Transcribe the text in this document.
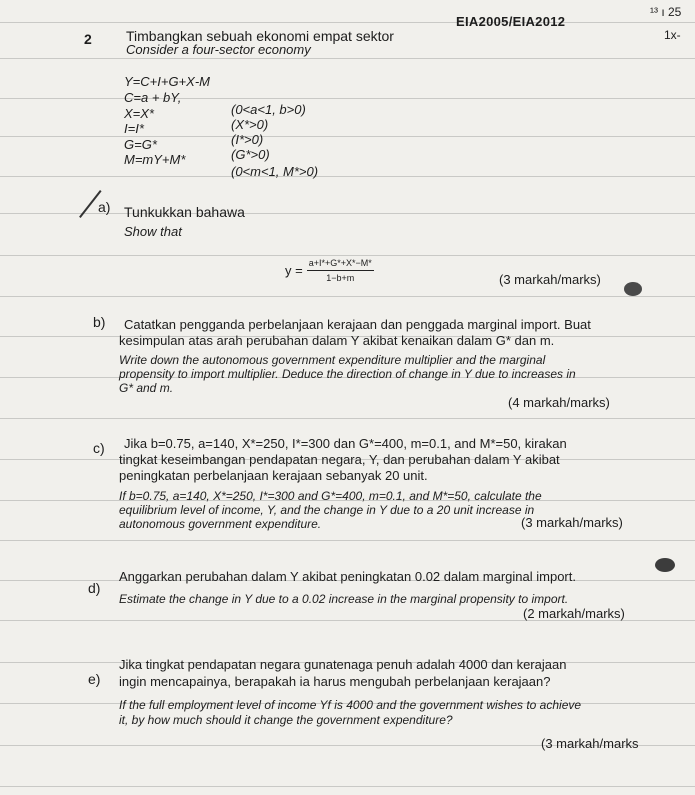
EIA2005/EIA2012
¹³ ı 25
1x-
2 Timbangkan sebuah ekonomi empat sektor
Consider a four-sector economy
Y=C+I+G+X-M
C=a + bY,
(0<a<1, b>0)
X=X*
(X*>0)
I=I*
(I*>0)
G=G*
(G*>0)
M=mY+M*
(0<m<1, M*>0)
a) Tunkukkan bahawa
Show that
$y = \frac{a+I*+G*+X*-M*}{1-b+m}$	(3 markah/marks)
b) Catatkan pengganda perbelanjaan kerajaan dan penggada marginal import. Buat
kesimpulan atas arah perubahan dalam Y akibat kenaikan dalam G* dan m.
Write down the autonomous government expenditure multiplier and the marginal
propensity to import multiplier. Deduce the direction of change in Y due to increases in
G* and m.
(4 markah/marks)
c) Jika b=0.75, a=140, X*=250, I*=300 dan G*=400, m=0.1, and M*=50, kirakan
tingkat keseimbangan pendapatan negara, Y, dan perubahan dalam Y akibat
peningkatan perbelanjaan kerajaan sebanyak 20 unit.
If b=0.75, a=140, X*=250, I*=300 and G*=400, m=0.1, and M*=50, calculate the
equilibrium level of income, Y, and the change in Y due to a 20 unit increase in
autonomous government expenditure.	(3 markah/marks)
d)
Anggarkan perubahan dalam Y akibat peningkatan 0.02 dalam marginal import.
Estimate the change in Y due to a 0.02 increase in the marginal propensity to import.
(2 markah/marks)
e)
Jika tingkat pendapatan negara gunatenaga penuh adalah 4000 dan kerajaan
ingin mencapainya, berapakah ia harus mengubah perbelanjaan kerajaan?
If the full employment level of income Yf is 4000 and the government wishes to achieve
it, by how much should it change the government expenditure?
(3 markah/marks
